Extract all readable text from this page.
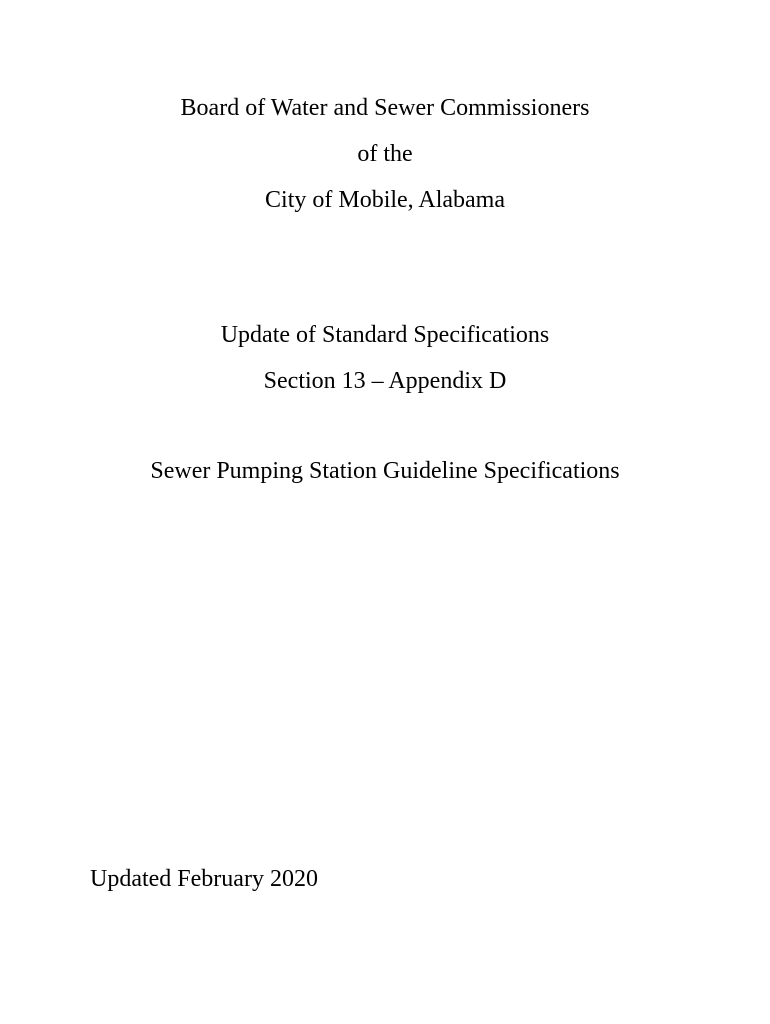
Board of Water and Sewer Commissioners
of the
City of Mobile, Alabama
Update of Standard Specifications
Section 13 – Appendix D
Sewer Pumping Station Guideline Specifications
Updated February 2020
